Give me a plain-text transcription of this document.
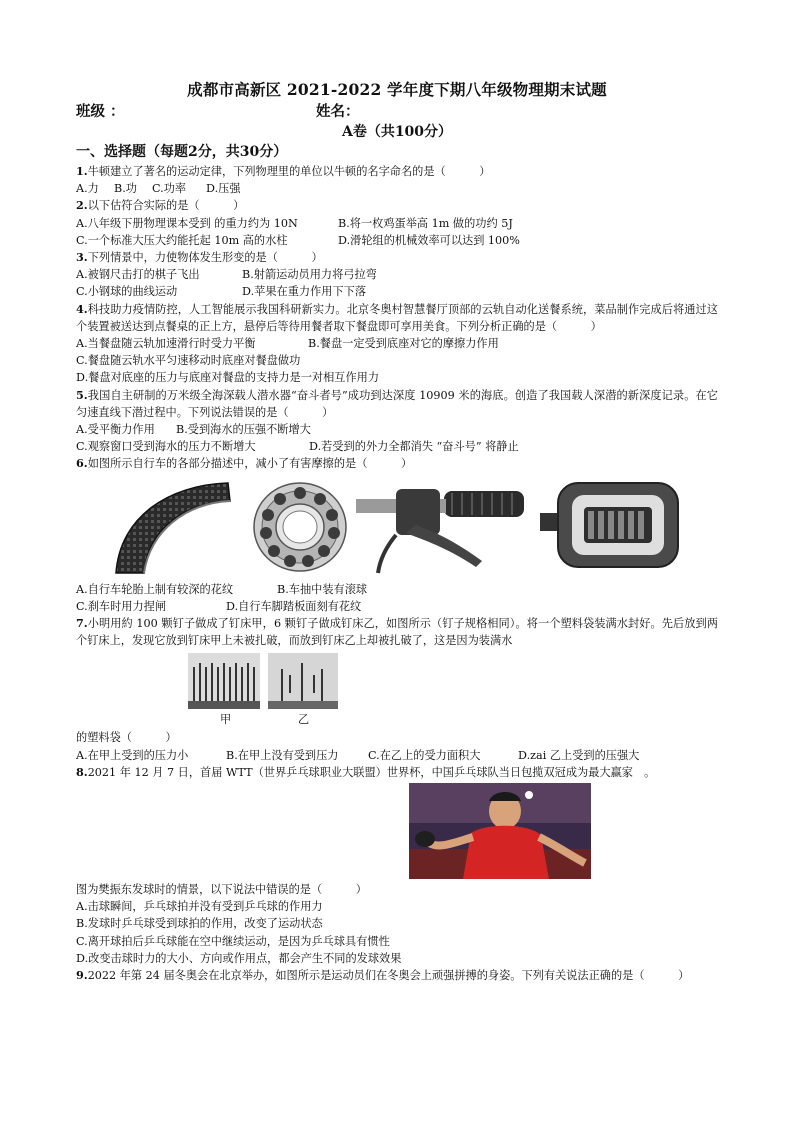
成都市高新区 2021-2022 学年度下期八年级物理期末试题
班级 ：	姓名：
A卷（共100分）
一、选择题（每题2分，共30分）
1.牛顿建立了著名的运动定律，下列物理里的单位以牛顿的名字命名的是（　　　）
A.力	B.功	C.功率	D.压强
2.以下估符合实际的是（　　　）
A.八年级下册物理课本受到 的重力约为 10N	B.将一枚鸡蛋举高 1m 做的功约 5J
C.一个标准大压大约能托起 10m 高的水柱	D.滑轮组的机械效率可以达到 100%
3.下列情景中，力使物体发生形变的是（　　　）
A.被钢尺击打的棋子飞出	B.射箭运动员用力将弓拉弯
C.小钢球的曲线运动	D.苹果在重力作用下下落
4.科技助力疫情防控，人工智能展示我国科研新实力。北京冬奥村智慧餐厅顶部的云轨自动化送餐系统，菜品制作完成后将通过这个装置被送达到点餐桌的正上方，悬停后等待用餐者取下餐盘即可享用美食。下列分析正确的是（　　　）
A.当餐盘随云轨加速滑行时受力平衡	B.餐盘一定受到底座对它的摩擦力作用
C.餐盘随云轨水平匀速移动时底座对餐盘做功
D.餐盘对底座的压力与底座对餐盘的支持力是一对相互作用力
5.我国自主研制的万米级全海深载人潜水器“奋斗者号”成功到达深度 10909 米的海底。创造了我国载人深潜的新深度记录。在它匀速直线下潜过程中。下列说法错误的是（　　　）
A.受平衡力作用	B.受到海水的压强不断增大
C.观察窗口受到海水的压力不断增大	D.若受到的外力全都消失 “奋斗号” 将静止
6.如图所示自行车的各部分描述中，减小了有害摩擦的是（　　　）
A.自行车轮胎上制有较深的花纹	B.车抽中装有滚球
C.刹车时用力捏闸	D.自行车脚踏板面刻有花纹
7.小明用約 100 颗钉子做成了钉床甲，6 颗钉子做成钉床乙，如图所示（钉子规格相同）。将一个塑料袋装满水封好。先后放到两个钉床上，发现它放到钉床甲上未被扎破，而放到钉床乙上却被扎破了，这是因为装满水
甲	乙
的塑料袋（　　　）
A.在甲上受到的压力小	B.在甲上没有受到压力	C.在乙上的受力面积大	D.zai 乙上受到的压强大
8.2021 年 12 月 7 日，首届 WTT（世界乒乓球职业大联盟）世界杯，中国乒乓球队当日包揽双冠成为最大赢家　。
图为樊振东发球时的情景，以下说法中错误的是（　　　）
A.击球瞬间，乒乓球拍并没有受到乒乓球的作用力
B.发球时乒乓球受到球拍的作用，改变了运动状态
C.离开球拍后乒乓球能在空中继续运动，是因为乒乓球具有惯性
D.改变击球时力的大小、方向或作用点，都会产生不同的发球效果
9.2022 年第 24 届冬奥会在北京举办，如图所示是运动员们在冬奥会上顽强拼搏的身姿。下列有关说法正确的是（　　　）
